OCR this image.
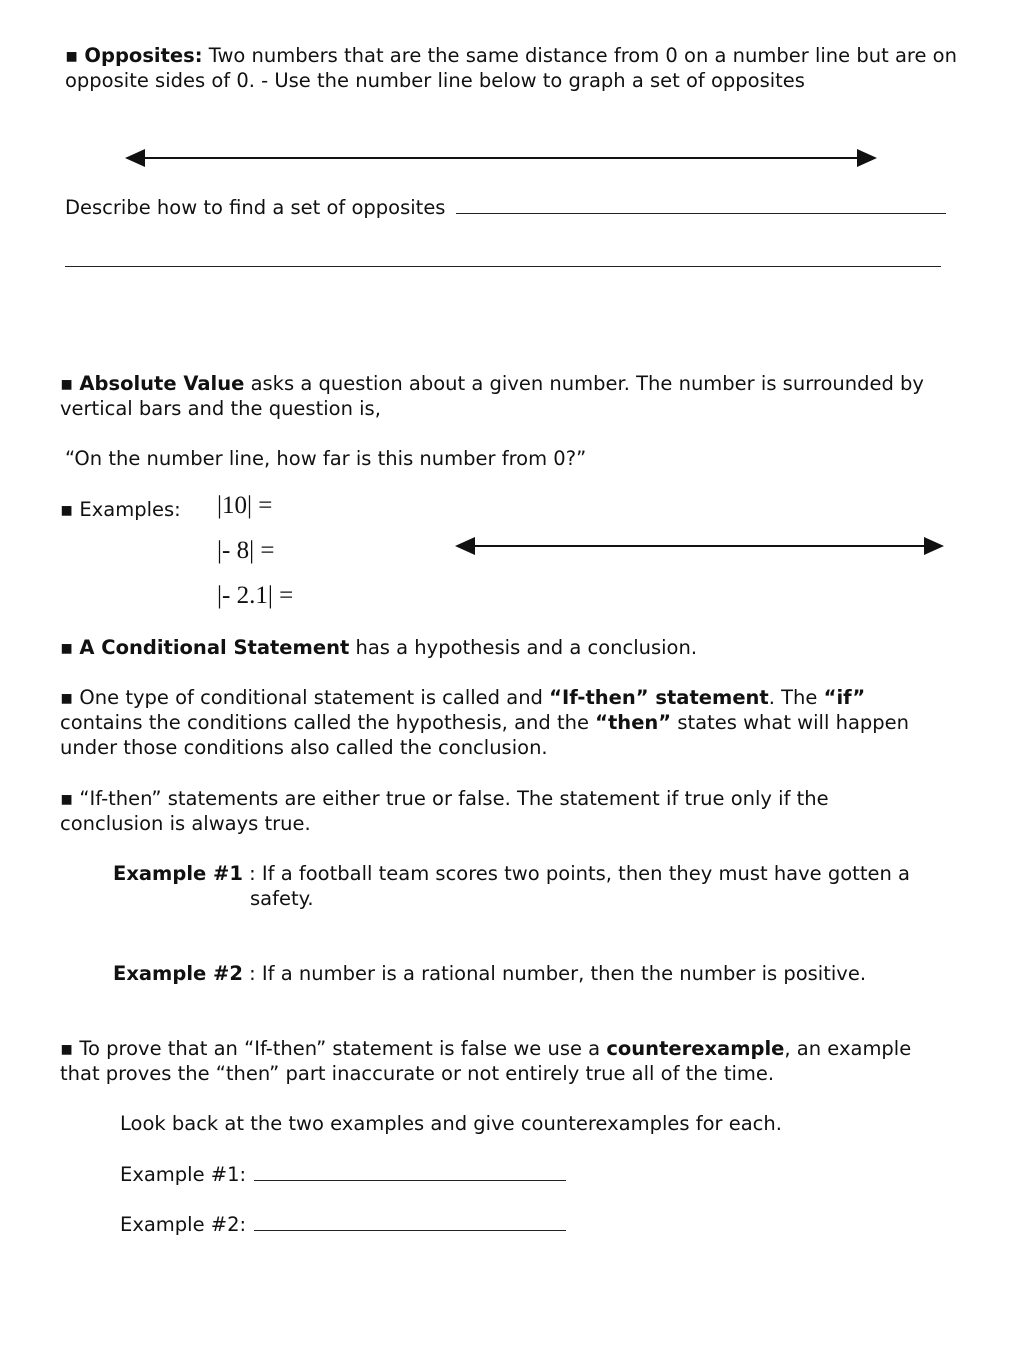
▪ Opposites: Two numbers that are the same distance from 0 on a number line but are on
opposite sides of 0. - Use the number line below to graph a set of opposites
Describe how to find a set of opposites
▪ Absolute Value asks a question about a given number. The number is surrounded by
vertical bars and the question is,
“On the number line, how far is this number from 0?”
▪ Examples: |10| =
|- 8| =
|- 2.1| =
▪ A Conditional Statement has a hypothesis and a conclusion.
▪ One type of conditional statement is called and “If-then” statement. The “if”
contains the conditions called the hypothesis, and the “then” states what will happen
under those conditions also called the conclusion.
▪ “If-then” statements are either true or false. The statement if true only if the
conclusion is always true.
Example #1 : If a football team scores two points, then they must have gotten a
safety.
Example #2 : If a number is a rational number, then the number is positive.
▪ To prove that an “If-then” statement is false we use a counterexample, an example
that proves the “then” part inaccurate or not entirely true all of the time.
Look back at the two examples and give counterexamples for each.
Example #1:
Example #2:
